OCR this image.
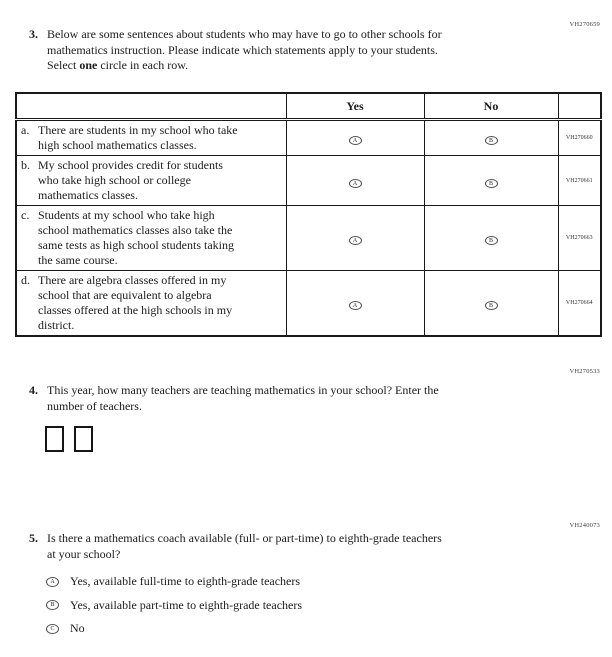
VH270659
3. Below are some sentences about students who may have to go to other schools for
mathematics instruction. Please indicate which statements apply to your students.
Select one circle in each row.
	Yes	No	

a. There are students in my school who take
high school mathematics classes.	A	B	VH270660

b. My school provides credit for students
who take high school or college
mathematics classes.	A	B	VH270661

c. Students at my school who take high
school mathematics classes also take the
same tests as high school students taking
the same course.	A	B	VH270663

d. There are algebra classes offered in my
school that are equivalent to algebra
classes offered at the high schools in my
district.	A	B	VH270664
VH270533
4. This year, how many teachers are teaching mathematics in your school? Enter the
number of teachers.

VH240073
5. Is there a mathematics coach available (full- or part-time) to eighth-grade teachers
at your school?
A	Yes, available full-time to eighth-grade teachers
B	Yes, available part-time to eighth-grade teachers
C	No
